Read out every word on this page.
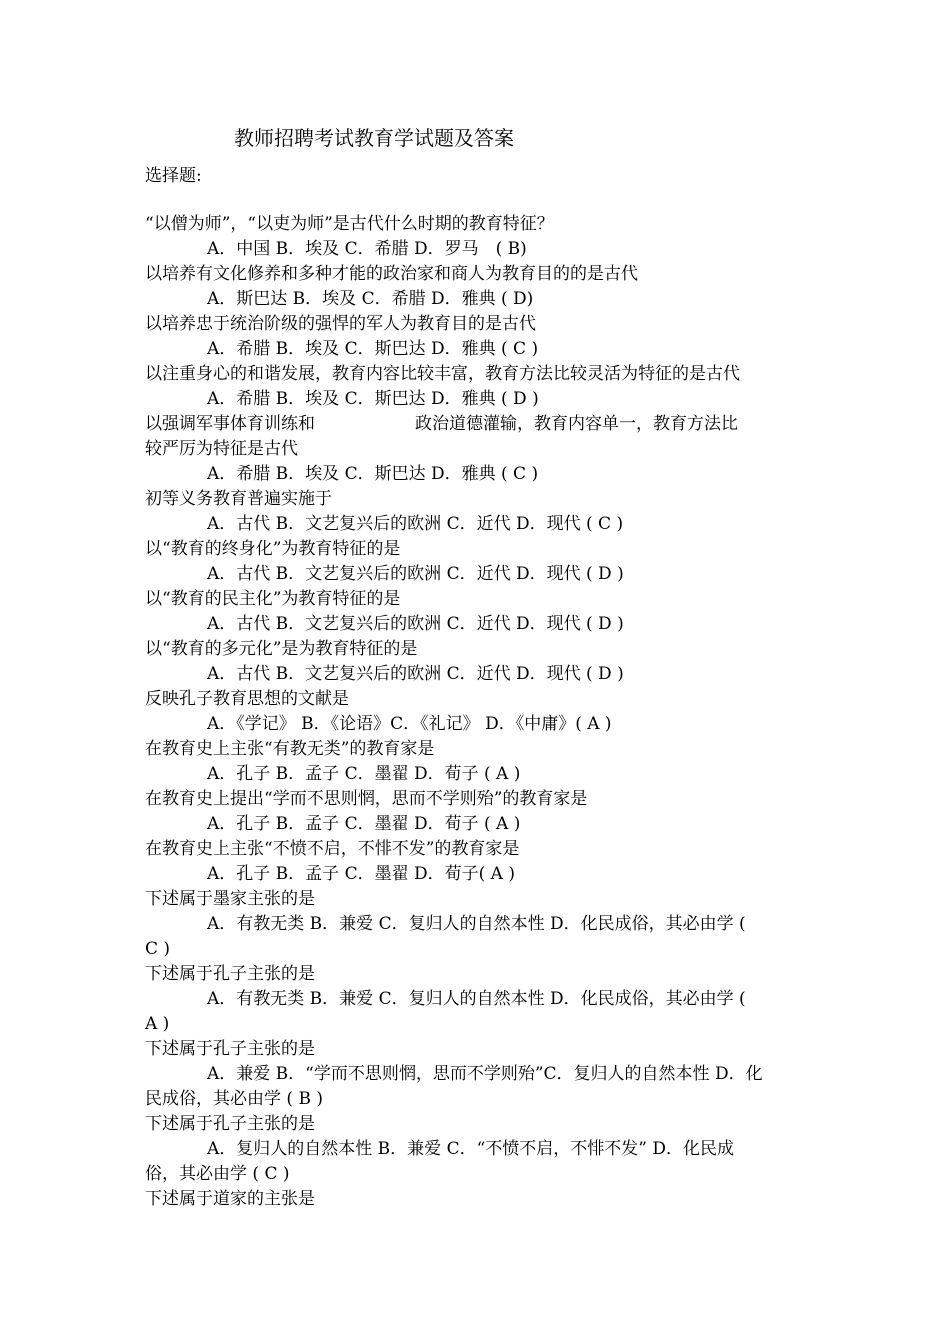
教师招聘考试教育学试题及答案
选择题:
“以僧为师”，“以吏为师”是古代什么时期的教育特征？
A．中国 B．埃及 C．希腊 D．罗马　( B)
以培养有文化修养和多种才能的政治家和商人为教育目的的是古代
A．斯巴达 B．埃及 C．希腊 D．雅典 ( D)
以培养忠于统治阶级的强悍的军人为教育目的是古代
A．希腊 B．埃及 C．斯巴达 D．雅典 ( C )
以注重身心的和谐发展，教育内容比较丰富，教育方法比较灵活为特征的是古代
A．希腊 B．埃及 C．斯巴达 D．雅典 ( D )
以强调军事体育训练和	政治道德灌输，教育内容单一，教育方法比
较严厉为特征是古代
A．希腊 B．埃及 C．斯巴达 D．雅典 ( C )
初等义务教育普遍实施于
A．古代 B．文艺复兴后的欧洲 C．近代 D．现代 ( C )
以“教育的终身化”为教育特征的是
A．古代 B．文艺复兴后的欧洲 C．近代 D．现代 ( D )
以“教育的民主化”为教育特征的是
A．古代 B．文艺复兴后的欧洲 C．近代 D．现代 ( D )
以“教育的多元化”是为教育特征的是
A．古代 B．文艺复兴后的欧洲 C．近代 D．现代 ( D )
反映孔子教育思想的文献是
A．《学记》 B．《论语》C．《礼记》 D．《中庸》( A )
在教育史上主张“有教无类”的教育家是
A．孔子 B．孟子 C．墨翟 D．荀子 ( A )
在教育史上提出“学而不思则惘，思而不学则殆”的教育家是
A．孔子 B．孟子 C．墨翟 D．荀子 ( A )
在教育史上主张“不愤不启，不悱不发”的教育家是
A．孔子 B．孟子 C．墨翟 D．荀子( A )
下述属于墨家主张的是
A．有教无类 B．兼爱 C．复归人的自然本性 D．化民成俗，其必由学 (
C )
下述属于孔子主张的是
A．有教无类 B．兼爱 C．复归人的自然本性 D．化民成俗，其必由学 (
A )
下述属于孔子主张的是
A．兼爱 B．“学而不思则惘，思而不学则殆”C．复归人的自然本性 D．化
民成俗，其必由学 ( B )
下述属于孔子主张的是
A．复归人的自然本性 B．兼爱 C．“不愤不启，不悱不发” D．化民成
俗，其必由学 ( C )
下述属于道家的主张是
